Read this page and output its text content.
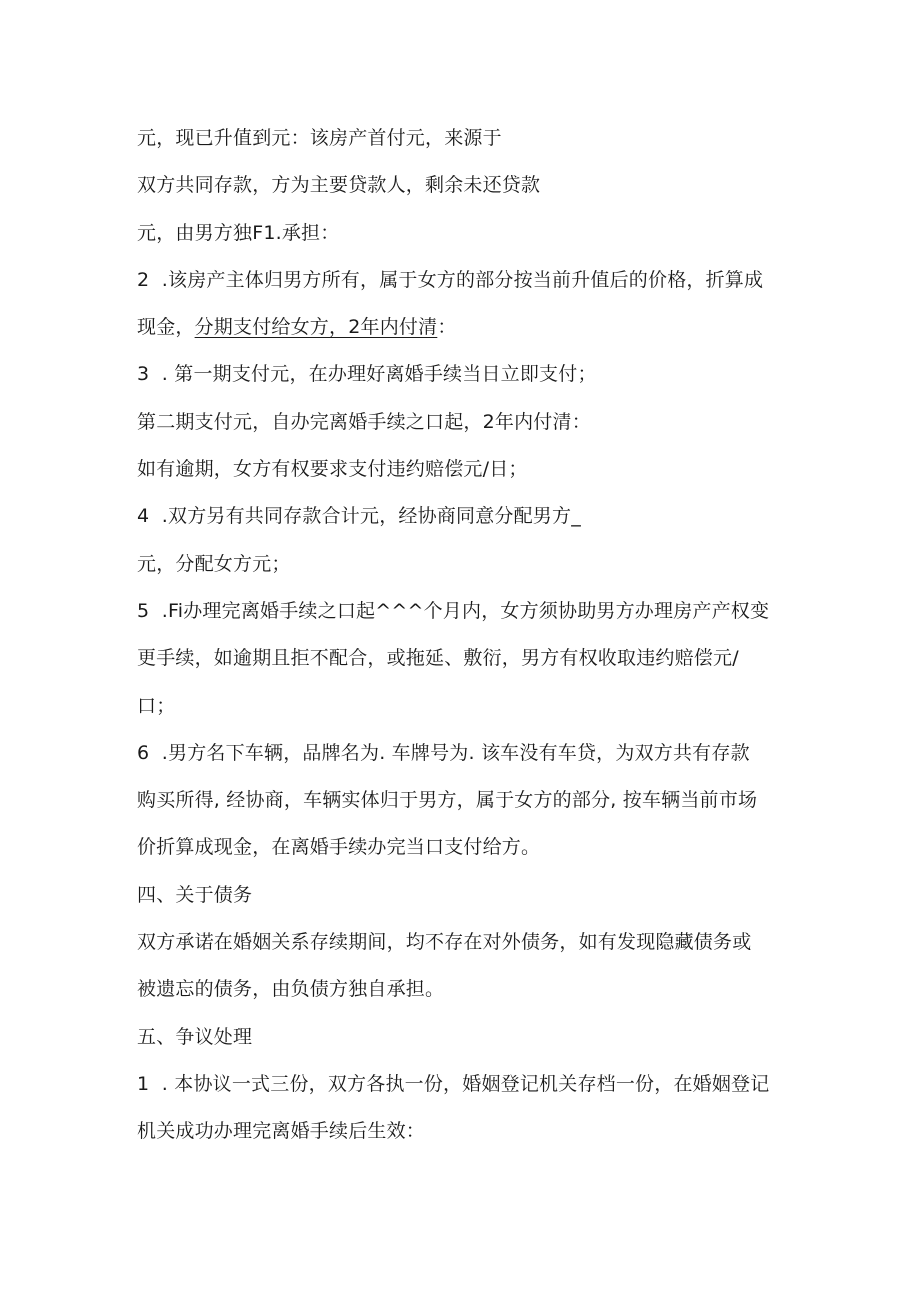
元，现已升值到元：该房产首付元，来源于
双方共同存款，方为主要贷款人，剩余未还贷款
元，由男方独F1.承担：
2  .该房产主体归男方所有，属于女方的部分按当前升值后的价格，折算成
现金，分期支付给女方，2年内付清：
3  . 第一期支付元，在办理好离婚手续当日立即支付；
第二期支付元，自办完离婚手续之口起，2年内付清：
如有逾期，女方有权要求支付违约赔偿元/日；
4  .双方另有共同存款合计元，经协商同意分配男方_
元，分配女方元；
5  .Fi办理完离婚手续之口起^^^个月内，女方须协助男方办理房产产权变
更手续，如逾期且拒不配合，或拖延、敷衍，男方有权收取违约赔偿元/
口；
6  .男方名下车辆，品牌名为. 车牌号为. 该车没有车贷，为双方共有存款
购买所得, 经协商，车辆实体归于男方，属于女方的部分, 按车辆当前市场
价折算成现金，在离婚手续办完当口支付给方。
四、关于债务
双方承诺在婚姻关系存续期间，均不存在对外债务，如有发现隐藏债务或
被遗忘的债务，由负债方独自承担。
五、争议处理
1  . 本协议一式三份，双方各执一份，婚姻登记机关存档一份，在婚姻登记
机关成功办理完离婚手续后生效：
